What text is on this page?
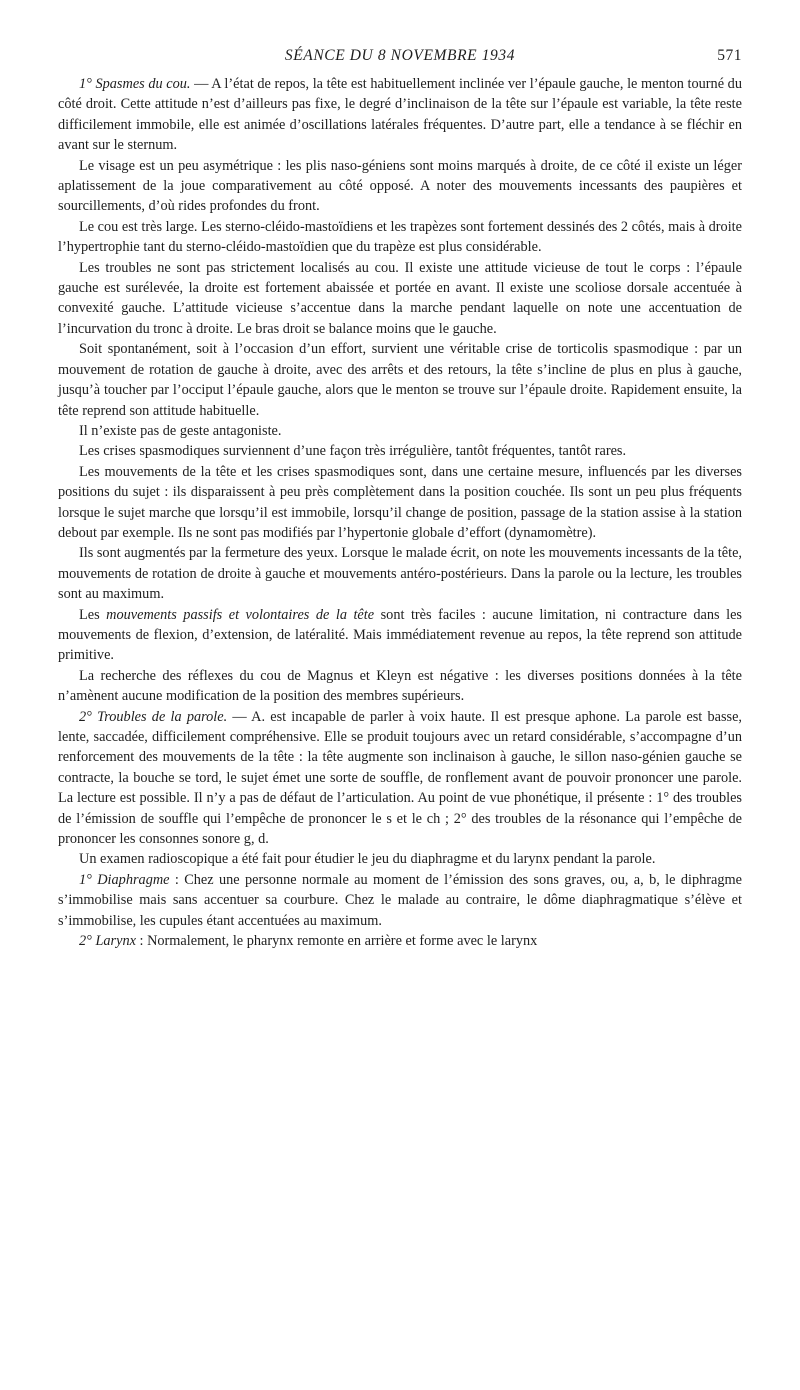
SÉANCE DU 8 NOVEMBRE 1934	571

1° Spasmes du cou. — A l’état de repos, la tête est habituellement inclinée ver l’épaule gauche, le menton tourné du côté droit. Cette attitude n’est d’ailleurs pas fixe, le degré d’inclinaison de la tête sur l’épaule est variable, la tête reste difficilement immobile, elle est animée d’oscillations latérales fréquentes. D’autre part, elle a tendance à se fléchir en avant sur le sternum.

Le visage est un peu asymétrique : les plis naso-géniens sont moins marqués à droite, de ce côté il existe un léger aplatissement de la joue comparativement au côté opposé. A noter des mouvements incessants des paupières et sourcillements, d’où rides profondes du front.

Le cou est très large. Les sterno-cléido-mastoïdiens et les trapèzes sont fortement dessinés des 2 côtés, mais à droite l’hypertrophie tant du sterno-cléido-mastoïdien que du trapèze est plus considérable.

Les troubles ne sont pas strictement localisés au cou. Il existe une attitude vicieuse de tout le corps : l’épaule gauche est surélevée, la droite est fortement abaissée et portée en avant. Il existe une scoliose dorsale accentuée à convexité gauche. L’attitude vicieuse s’accentue dans la marche pendant laquelle on note une accentuation de l’incurvation du tronc à droite. Le bras droit se balance moins que le gauche.

Soit spontanément, soit à l’occasion d’un effort, survient une véritable crise de torticolis spasmodique : par un mouvement de rotation de gauche à droite, avec des arrêts et des retours, la tête s’incline de plus en plus à gauche, jusqu’à toucher par l’occiput l’épaule gauche, alors que le menton se trouve sur l’épaule droite. Rapidement ensuite, la tête reprend son attitude habituelle.

Il n’existe pas de geste antagoniste.

Les crises spasmodiques surviennent d’une façon très irrégulière, tantôt fréquentes, tantôt rares.

Les mouvements de la tête et les crises spasmodiques sont, dans une certaine mesure, influencés par les diverses positions du sujet : ils disparaissent à peu près complètement dans la position couchée. Ils sont un peu plus fréquents lorsque le sujet marche que lorsqu’il est immobile, lorsqu’il change de position, passage de la station assise à la station debout par exemple. Ils ne sont pas modifiés par l’hypertonie globale d’effort (dynamomètre).

Ils sont augmentés par la fermeture des yeux. Lorsque le malade écrit, on note les mouvements incessants de la tête, mouvements de rotation de droite à gauche et mouvements antéro-postérieurs. Dans la parole ou la lecture, les troubles sont au maximum.

Les mouvements passifs et volontaires de la tête sont très faciles : aucune limitation, ni contracture dans les mouvements de flexion, d’extension, de latéralité. Mais immédiatement revenue au repos, la tête reprend son attitude primitive.

La recherche des réflexes du cou de Magnus et Kleyn est négative : les diverses positions données à la tête n’amènent aucune modification de la position des membres supérieurs.

2° Troubles de la parole. — A. est incapable de parler à voix haute. Il est presque aphone. La parole est basse, lente, saccadée, difficilement compréhensive. Elle se produit toujours avec un retard considérable, s’accompagne d’un renforcement des mouvements de la tête : la tête augmente son inclinaison à gauche, le sillon naso-génien gauche se contracte, la bouche se tord, le sujet émet une sorte de souffle, de ronflement avant de pouvoir prononcer une parole. La lecture est possible. Il n’y a pas de défaut de l’articulation. Au point de vue phonétique, il présente : 1° des troubles de l’émission de souffle qui l’empêche de prononcer le s et le ch ; 2° des troubles de la résonance qui l’empêche de prononcer les consonnes sonore g, d.

Un examen radioscopique a été fait pour étudier le jeu du diaphragme et du larynx pendant la parole.

1° Diaphragme : Chez une personne normale au moment de l’émission des sons graves, ou, a, b, le diphragme s’immobilise mais sans accentuer sa courbure. Chez le malade au contraire, le dôme diaphragmatique s’élève et s’immobilise, les cupules étant accentuées au maximum.

2° Larynx : Normalement, le pharynx remonte en arrière et forme avec le larynx
